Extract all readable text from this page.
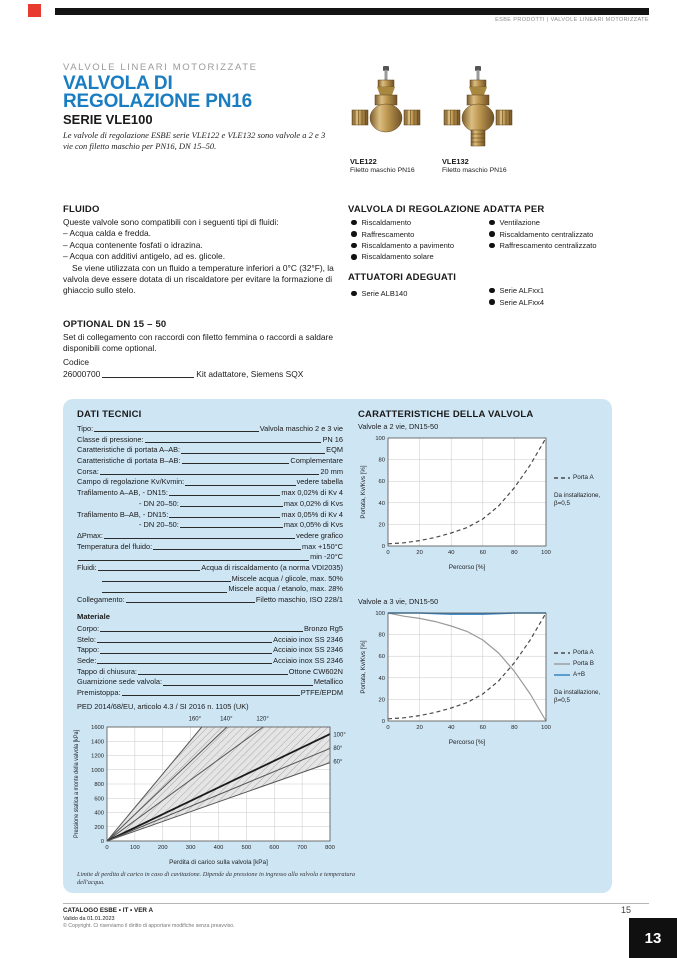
ESBE PRODOTTI | VALVOLE LINEARI MOTORIZZATE
VALVOLE LINEARI MOTORIZZATE
VALVOLA DI
REGOLAZIONE PN16
SERIE VLE100
Le valvole di regolazione ESBE serie VLE122 e VLE132 sono valvole a 2 e 3 vie con filetto maschio per PN16, DN 15–50.
VLE122
Filetto maschio PN16
VLE132
Filetto maschio PN16
FLUIDO
Queste valvole sono compatibili con i seguenti tipi di fluidi:
– Acqua calda e fredda.
– Acqua contenente fosfati o idrazina.
– Acqua con additivi antigelo, ad es. glicole.
Se viene utilizzata con un fluido a temperature inferiori a 0°C (32°F), la valvola deve essere dotata di un riscaldatore per evitare la formazione di ghiaccio sullo stelo.
OPTIONAL DN 15 – 50
Set di collegamento con raccordi con filetto femmina o raccordi a saldare disponibili come optional.
Codice
26000700	Kit adattatore, Siemens SQX
VALVOLA DI REGOLAZIONE ADATTA PER
Riscaldamento
Raffrescamento
Riscaldamento a pavimento
Riscaldamento solare
Ventilazione
Riscaldamento centralizzato
Raffrescamento centralizzato
ATTUATORI ADEGUATI
Serie ALB140	Serie ALFxx1
Serie ALFxx4
DATI TECNICI
Tipo:	Valvola maschio 2 e 3 vie
Classe di pressione:	PN 16
Caratteristiche di portata A–AB:	EQM
Caratteristiche di portata B–AB:	Complementare
Corsa:	20 mm
Campo di regolazione Kv/Kvmin:	vedere tabella
Trafilamento A–AB, - DN15:	max 0,02% di Kv 4
- DN 20–50:	max 0,02% di Kvs
Trafilamento B–AB, - DN15:	max 0,05% di Kv 4
- DN 20–50:	max 0,05% di Kvs
ΔPmax:	vedere grafico
Temperatura del fluido:	max +150°C
min -20°C
Fluidi:	Acqua di riscaldamento (a norma VDI2035)
Miscele acqua / glicole, max. 50%
Miscele acqua / etanolo, max. 28%
Collegamento:	Filetto maschio, ISO 228/1
Materiale
Corpo:	Bronzo Rg5
Stelo:	Acciaio inox SS 2346
Tappo:	Acciaio inox SS 2346
Sede:	Acciaio inox SS 2346
Tappo di chiusura:	Ottone CW602N
Guarnizione sede valvola:	Metallico
Premistoppa:	PTFE/EPDM
PED 2014/68/EU, articolo 4.3 / SI 2016 n. 1105 (UK)
CARATTERISTICHE DELLA VALVOLA
Valvole a 2 vie, DN15-50
0	20	40	60	80	100
0
20
40
60
80
100
Percorso [%]
Portata, Kv/Kvs [%]	Porta A
Da installazione,
β=0,5
Valvole a 3 vie, DN15-50
0	20	40	60	80	100
0
20
40
60
80
100
Percorso [%]
Portata, Kv/Kvs [%]	Porta A
Porta B
A+B
Da installazione,
β=0,5
0	100	200	300	400	500	600	700	800
0
200
400
600
800
1000
1200
1400
1600
Perdita di carico sulla valvola [kPa]
Pressione statica a monte della valvola [kPa]	160°	140°	120°
100°
80°
60°
Limite di perdita di carico in caso di cavitazione. Dipende da pressione in ingresso alla valvola e temperatura dell'acqua.
CATALOGO ESBE • IT • VER A
Valido da 01.01.2023
© Copyright. Ci riserviamo il diritto di apportare modifiche senza preavviso.
15
13
